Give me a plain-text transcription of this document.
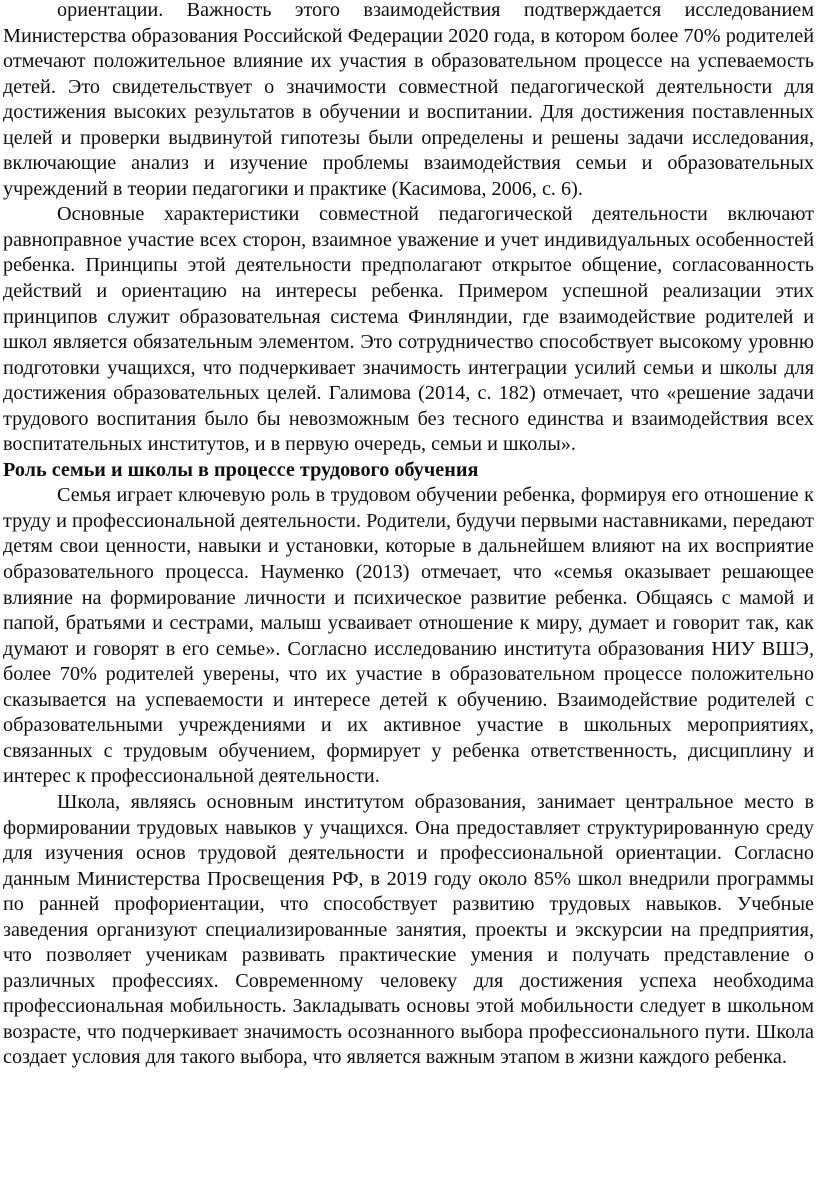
ориентации. Важность этого взаимодействия подтверждается исследованием Министерства образования Российской Федерации 2020 года, в котором более 70% родителей отмечают положительное влияние их участия в образовательном процессе на успеваемость детей. Это свидетельствует о значимости совместной педагогической деятельности для достижения высоких результатов в обучении и воспитании. Для достижения поставленных целей и проверки выдвинутой гипотезы были определены и решены задачи исследования, включающие анализ и изучение проблемы взаимодействия семьи и образовательных учреждений в теории педагогики и практике (Касимова, 2006, с. 6).

Основные характеристики совместной педагогической деятельности включают равноправное участие всех сторон, взаимное уважение и учет индивидуальных особенностей ребенка. Принципы этой деятельности предполагают открытое общение, согласованность действий и ориентацию на интересы ребенка. Примером успешной реализации этих принципов служит образовательная система Финляндии, где взаимодействие родителей и школ является обязательным элементом. Это сотрудничество способствует высокому уровню подготовки учащихся, что подчеркивает значимость интеграции усилий семьи и школы для достижения образовательных целей. Галимова (2014, с. 182) отмечает, что «решение задачи трудового воспитания было бы невозможным без тесного единства и взаимодействия всех воспитательных институтов, и в первую очередь, семьи и школы».

Роль семьи и школы в процессе трудового обучения

Семья играет ключевую роль в трудовом обучении ребенка, формируя его отношение к труду и профессиональной деятельности. Родители, будучи первыми наставниками, передают детям свои ценности, навыки и установки, которые в дальнейшем влияют на их восприятие образовательного процесса. Науменко (2013) отмечает, что «семья оказывает решающее влияние на формирование личности и психическое развитие ребенка. Общаясь с мамой и папой, братьями и сестрами, малыш усваивает отношение к миру, думает и говорит так, как думают и говорят в его семье». Согласно исследованию института образования НИУ ВШЭ, более 70% родителей уверены, что их участие в образовательном процессе положительно сказывается на успеваемости и интересе детей к обучению. Взаимодействие родителей с образовательными учреждениями и их активное участие в школьных мероприятиях, связанных с трудовым обучением, формирует у ребенка ответственность, дисциплину и интерес к профессиональной деятельности.

Школа, являясь основным институтом образования, занимает центральное место в формировании трудовых навыков у учащихся. Она предоставляет структурированную среду для изучения основ трудовой деятельности и профессиональной ориентации. Согласно данным Министерства Просвещения РФ, в 2019 году около 85% школ внедрили программы по ранней профориентации, что способствует развитию трудовых навыков. Учебные заведения организуют специализированные занятия, проекты и экскурсии на предприятия, что позволяет ученикам развивать практические умения и получать представление о различных профессиях. Современному человеку для достижения успеха необходима профессиональная мобильность. Закладывать основы этой мобильности следует в школьном возрасте, что подчеркивает значимость осознанного выбора профессионального пути. Школа создает условия для такого выбора, что является важным этапом в жизни каждого ребенка.
